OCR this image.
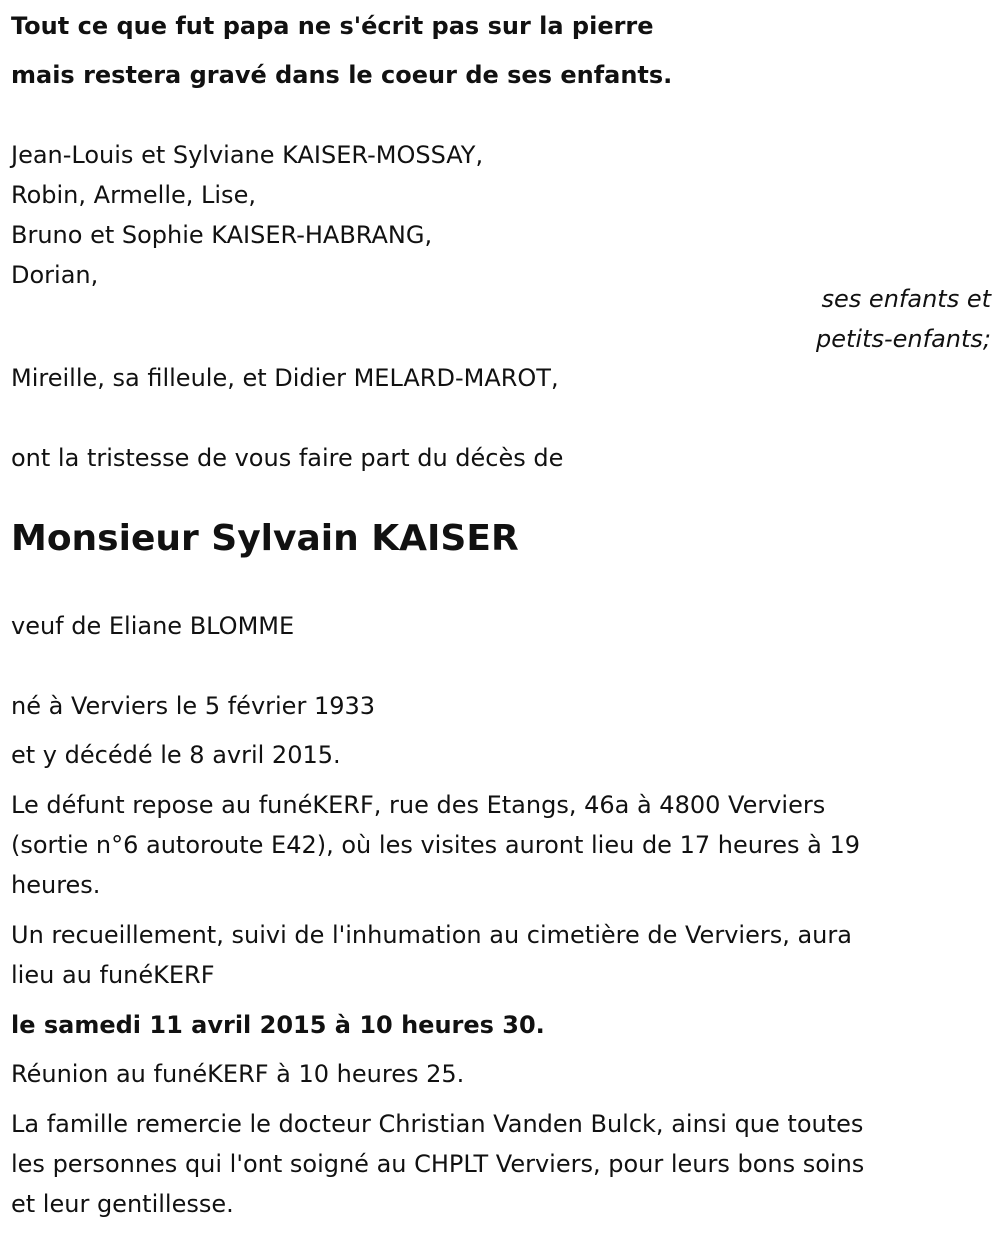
Tout ce que fut papa ne s'écrit pas sur la pierre
mais restera gravé dans le coeur de ses enfants.
Jean-Louis et Sylviane KAISER-MOSSAY,
Robin, Armelle, Lise,
Bruno et Sophie KAISER-HABRANG,
Dorian,
ses enfants et
petits-enfants;
Mireille, sa filleule, et Didier MELARD-MAROT,
ont la tristesse de vous faire part du décès de
Monsieur Sylvain KAISER
veuf de Eliane BLOMME
né à Verviers le 5 février 1933
et y décédé le 8 avril 2015.
Le défunt repose au funéKERF, rue des Etangs, 46a à 4800 Verviers
(sortie n°6 autoroute E42), où les visites auront lieu de 17 heures à 19
heures.
Un recueillement, suivi de l'inhumation au cimetière de Verviers, aura
lieu au funéKERF
le samedi 11 avril 2015 à 10 heures 30.
Réunion au funéKERF à 10 heures 25.
La famille remercie le docteur Christian Vanden Bulck, ainsi que toutes
les personnes qui l'ont soigné au CHPLT Verviers, pour leurs bons soins
et leur gentillesse.
